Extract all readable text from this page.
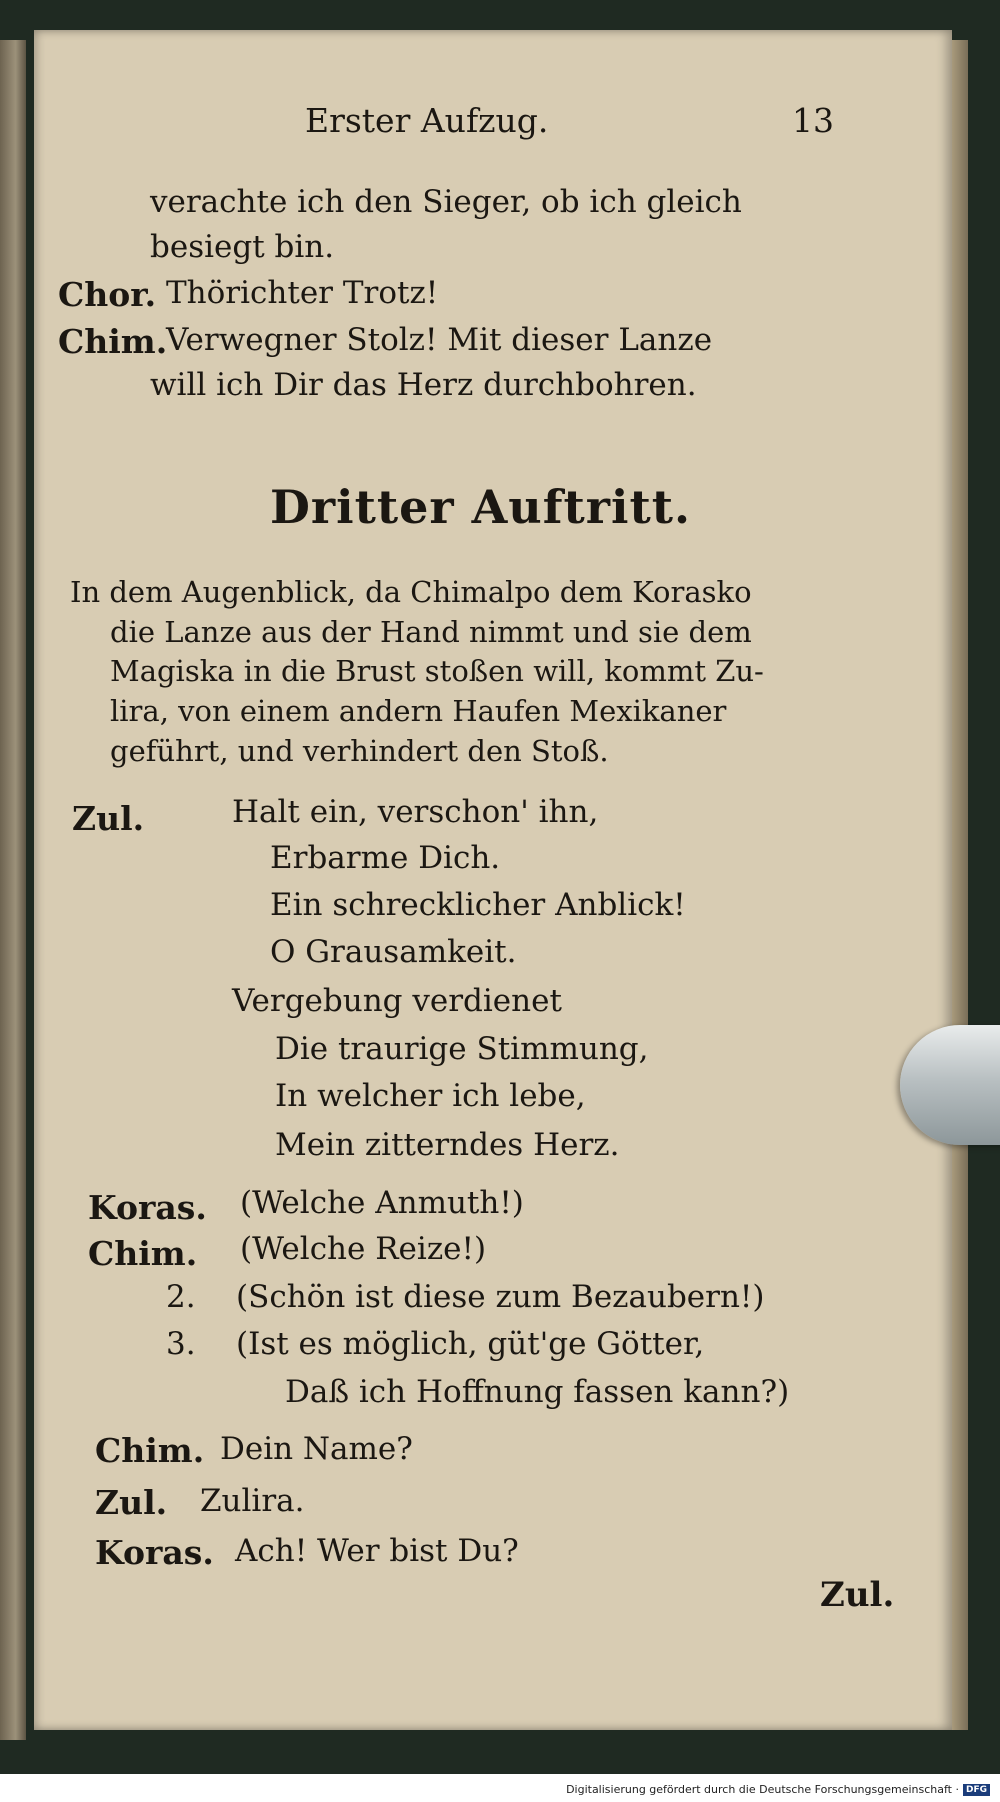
Erster Aufzug.	13
verachte ich den Sieger, ob ich gleich
besiegt bin.
Chor. Thörichter Trotz!
Chim.
Verwegner Stolz! Mit dieser Lanze
will ich Dir das Herz durchbohren.
Dritter Auftritt.
In dem Augenblick, da Chimalpo dem Korasko
die Lanze aus der Hand nimmt und sie dem
Magiska in die Brust stoßen will, kommt Zu-
lira, von einem andern Haufen Mexikaner
geführt, und verhindert den Stoß.
Zul.	Halt ein, verschon' ihn,
Erbarme Dich.
Ein schrecklicher Anblick!
O Grausamkeit.
Vergebung verdienet
Die traurige Stimmung,
In welcher ich lebe,
Mein zitterndes Herz.
Koras. (Welche Anmuth!)
Chim. (Welche Reize!)
2. (Schön ist diese zum Bezaubern!)
3. (Ist es möglich, güt'ge Götter,
Daß ich Hoffnung fassen kann?)
Chim. Dein Name?
Zul. Zulira.
Koras. Ach! Wer bist Du?
Zul.
Digitalisierung gefördert durch die Deutsche Forschungsgemeinschaft · DFG
